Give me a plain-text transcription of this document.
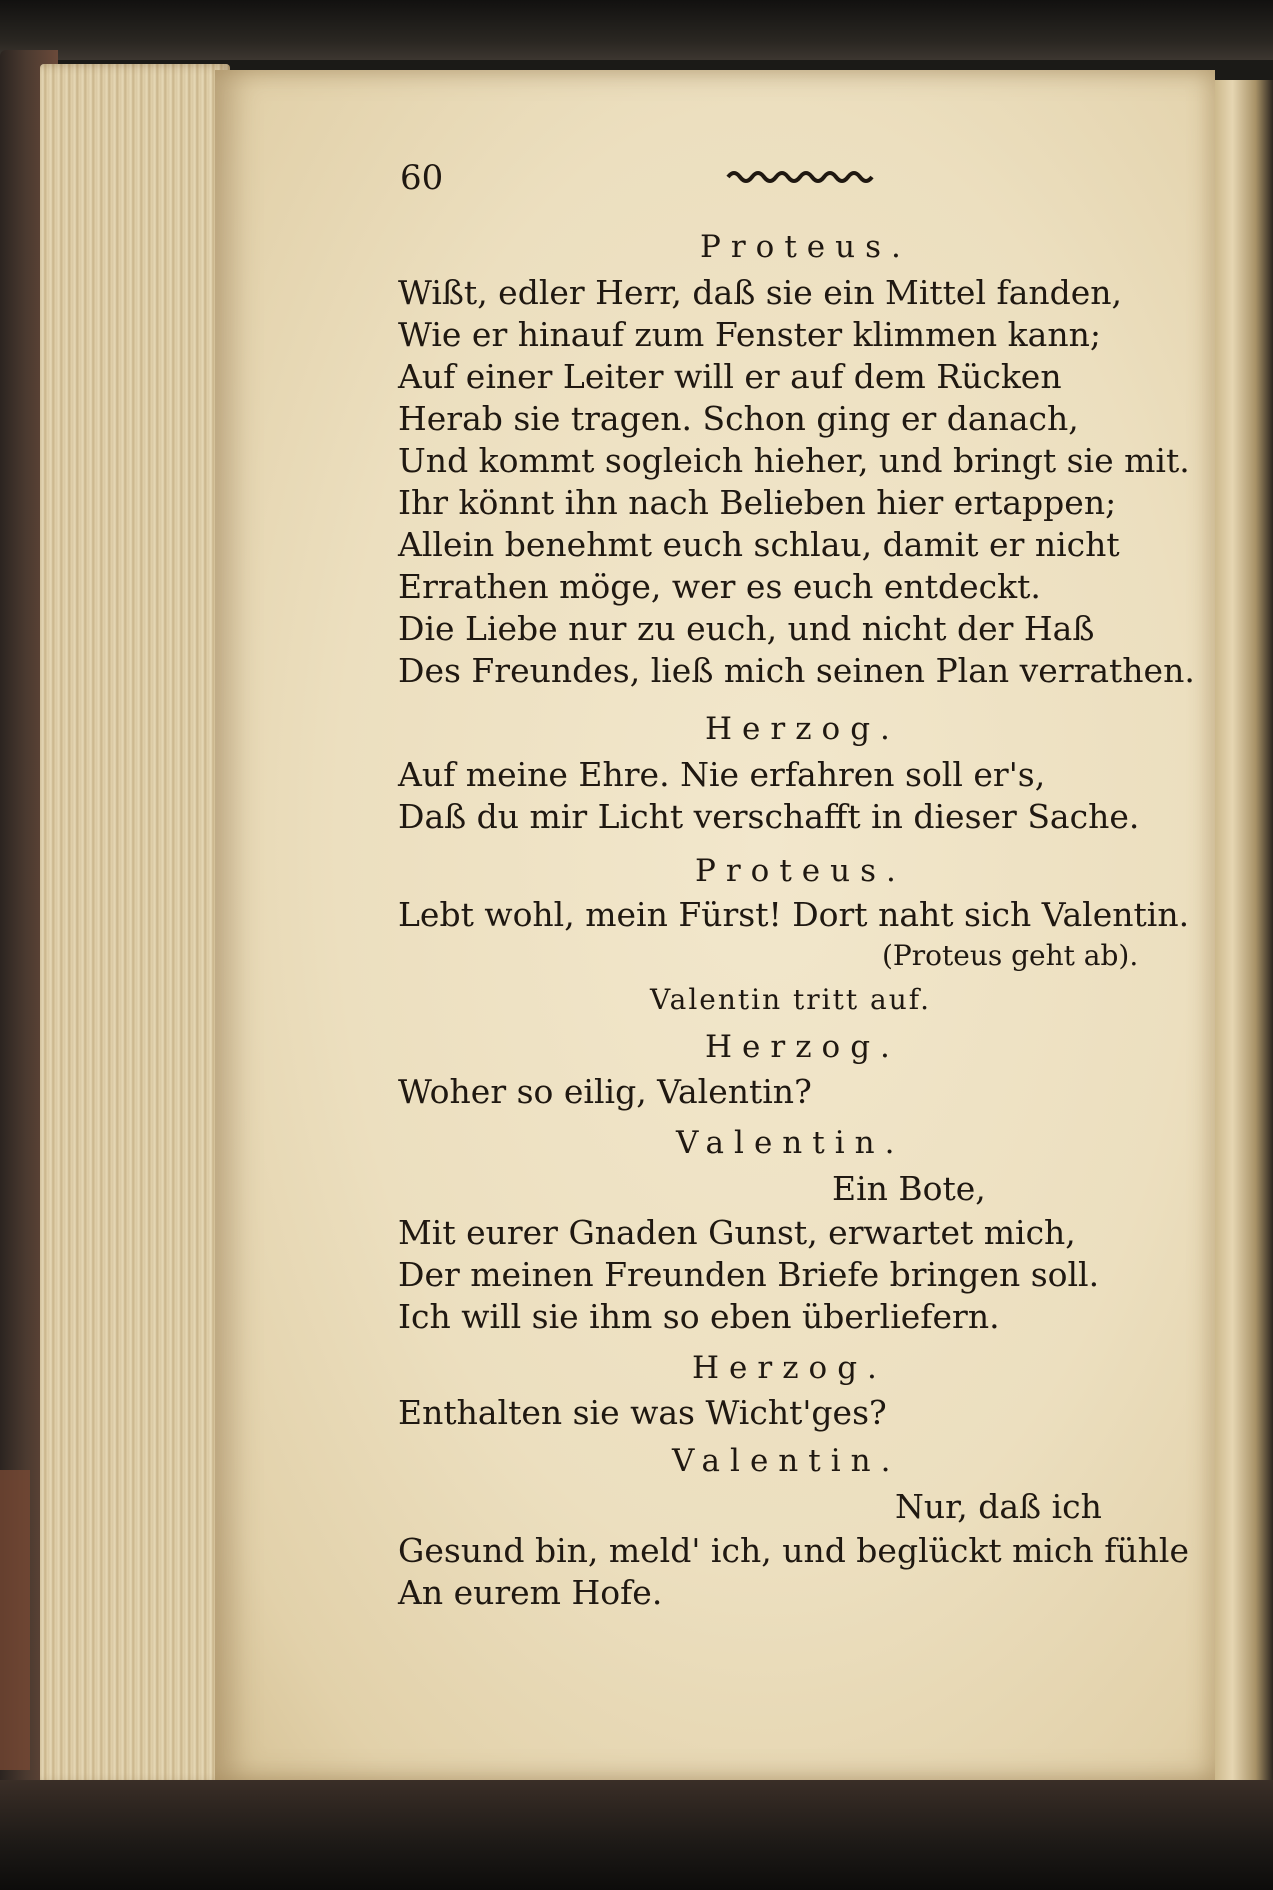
60
Proteus.
Wißt, edler Herr, daß sie ein Mittel fanden,
Wie er hinauf zum Fenster klimmen kann;
Auf einer Leiter will er auf dem Rücken
Herab sie tragen. Schon ging er danach,
Und kommt sogleich hieher, und bringt sie mit.
Ihr könnt ihn nach Belieben hier ertappen;
Allein benehmt euch schlau, damit er nicht
Errathen möge, wer es euch entdeckt.
Die Liebe nur zu euch, und nicht der Haß
Des Freundes, ließ mich seinen Plan verrathen.
Herzog.
Auf meine Ehre. Nie erfahren soll er's,
Daß du mir Licht verschafft in dieser Sache.
Proteus.
Lebt wohl, mein Fürst! Dort naht sich Valentin.
(Proteus geht ab).
Valentin tritt auf.
Herzog.
Woher so eilig, Valentin?
Valentin.
Ein Bote,
Mit eurer Gnaden Gunst, erwartet mich,
Der meinen Freunden Briefe bringen soll.
Ich will sie ihm so eben überliefern.
Herzog.
Enthalten sie was Wicht'ges?
Valentin.
Nur, daß ich
Gesund bin, meld' ich, und beglückt mich fühle
An eurem Hofe.
